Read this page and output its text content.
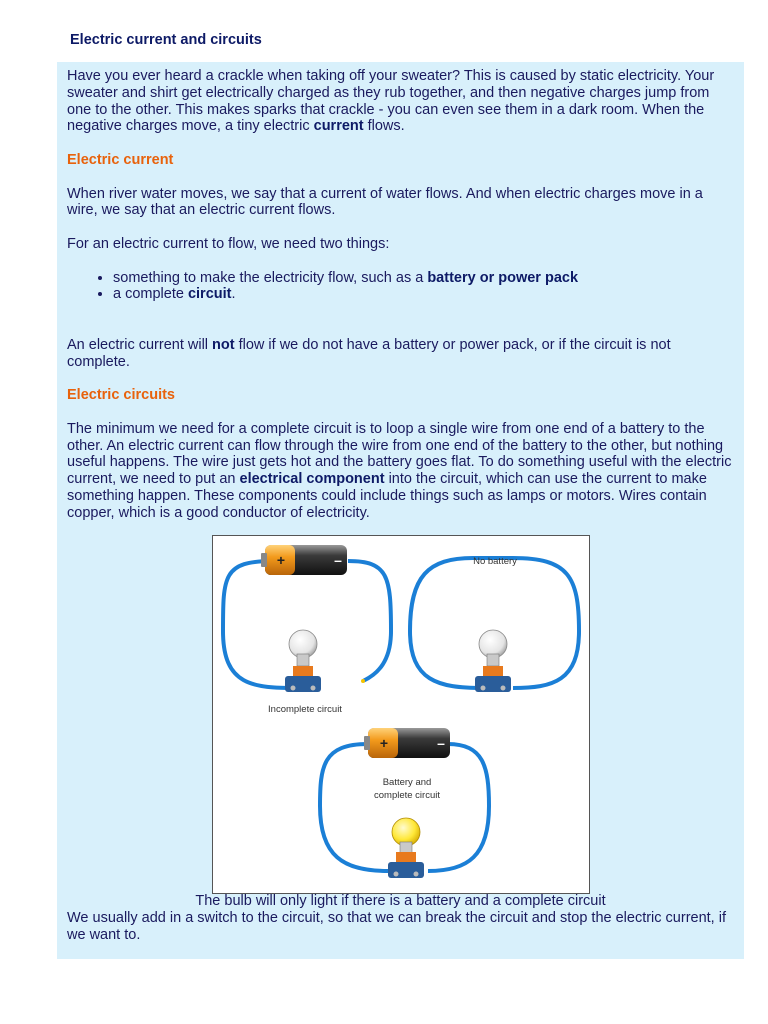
Electric current and circuits

Have you ever heard a crackle when taking off your sweater? This is caused by static electricity. Your sweater and shirt get electrically charged as they rub together, and then negative charges jump from one to the other. This makes sparks that crackle - you can even see them in a dark room. When the negative charges move, a tiny electric current flows.

Electric current

When river water moves, we say that a current of water flows. And when electric charges move in a wire, we say that an electric current flows.

For an electric current to flow, we need two things:

• something to make the electricity flow, such as a battery or power pack
• a complete circuit.

An electric current will not flow if we do not have a battery or power pack, or if the circuit is not complete.

Electric circuits

The minimum we need for a complete circuit is to loop a single wire from one end of a battery to the other. An electric current can flow through the wire from one end of the battery to the other, but nothing useful happens. The wire just gets hot and the battery goes flat. To do something useful with the electric current, we need to put an electrical component into the circuit, which can use the current to make something happen. These components could include things such as lamps or motors. Wires contain copper, which is a good conductor of electricity.

+	–
Incomplete circuit
No battery
+	–
Battery and
complete circuit
The bulb will only light if there is a battery and a complete circuit
We usually add in a switch to the circuit, so that we can break the circuit and stop the electric current, if we want to.
